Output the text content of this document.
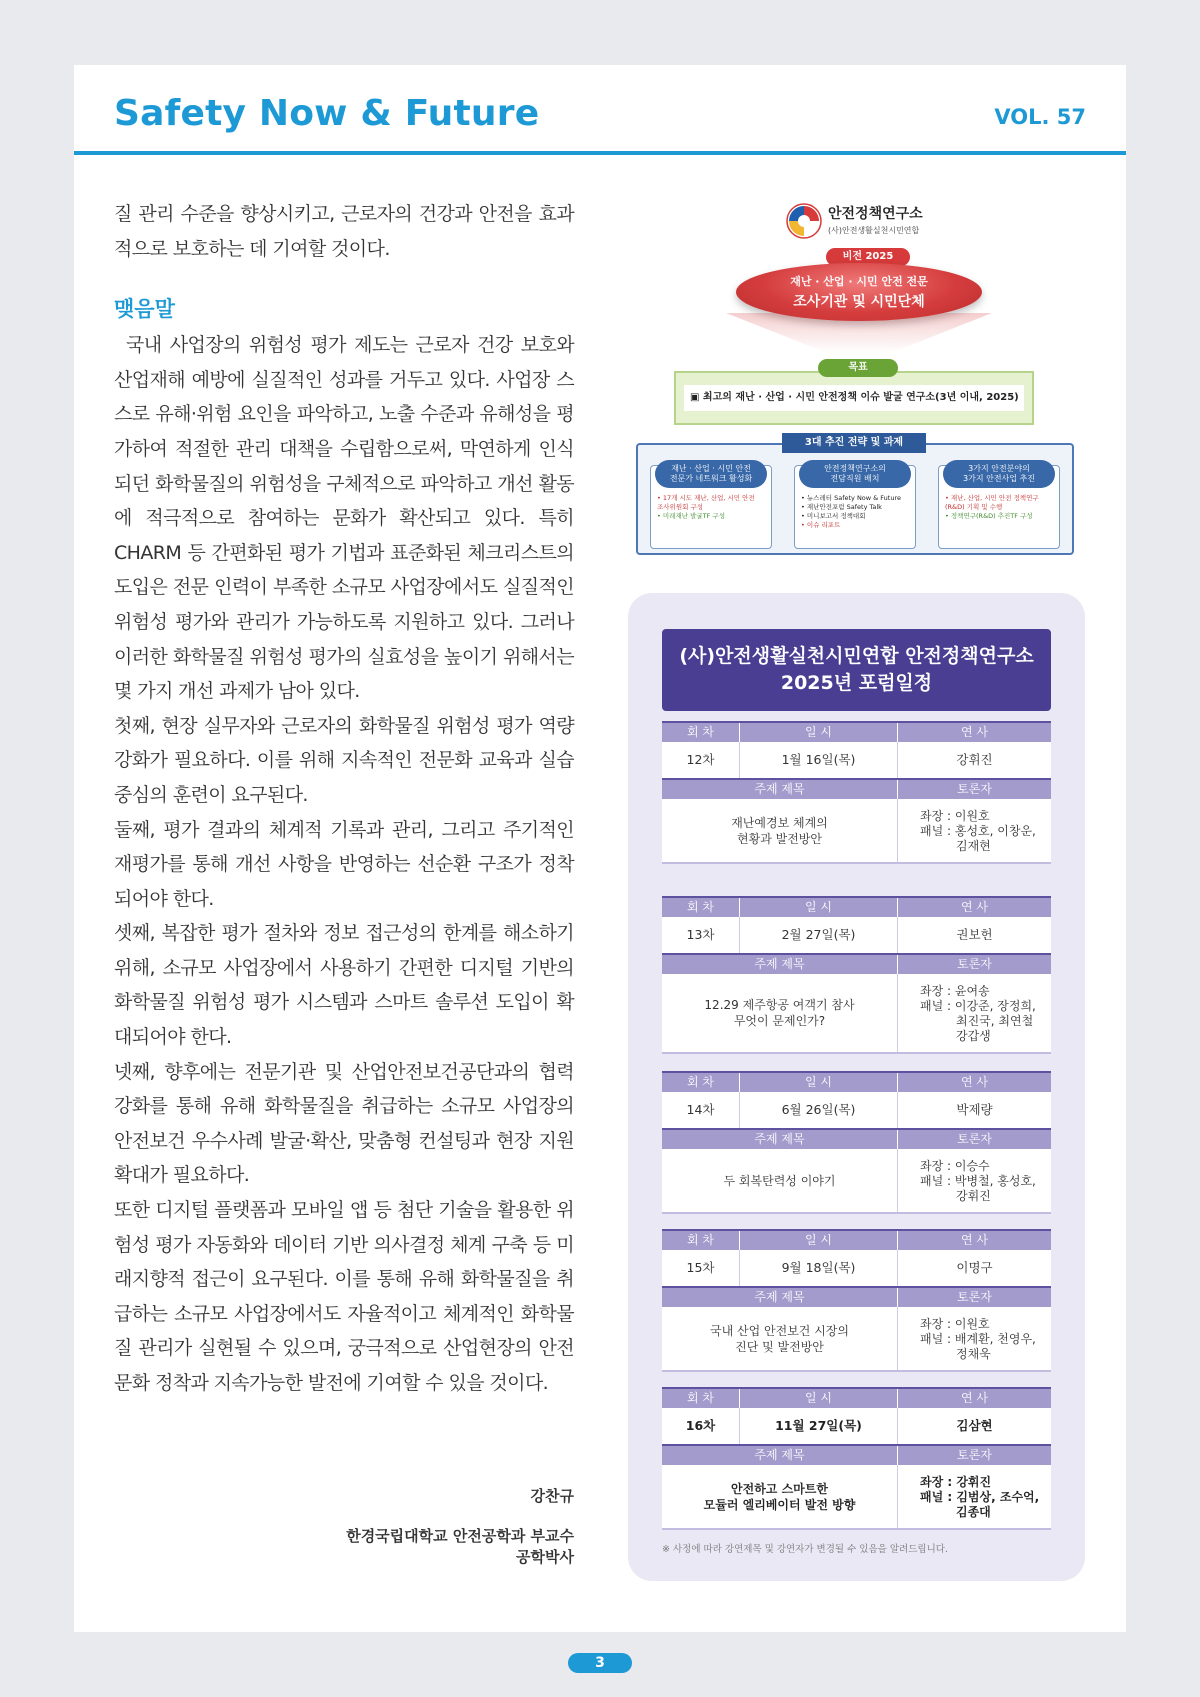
Safety Now & Future	VOL. 57

질 관리 수준을 향상시키고, 근로자의 건강과 안전을 효과적으로 보호하는 데 기여할 것이다.

맺음말

국내 사업장의 위험성 평가 제도는 근로자 건강 보호와 산업재해 예방에 실질적인 성과를 거두고 있다. 사업장 스스로 유해·위험 요인을 파악하고, 노출 수준과 유해성을 평가하여 적절한 관리 대책을 수립함으로써, 막연하게 인식되던 화학물질의 위험성을 구체적으로 파악하고 개선 활동에 적극적으로 참여하는 문화가 확산되고 있다. 특히 CHARM 등 간편화된 평가 기법과 표준화된 체크리스트의 도입은 전문 인력이 부족한 소규모 사업장에서도 실질적인 위험성 평가와 관리가 가능하도록 지원하고 있다. 그러나 이러한 화학물질 위험성 평가의 실효성을 높이기 위해서는 몇 가지 개선 과제가 남아 있다.

첫째, 현장 실무자와 근로자의 화학물질 위험성 평가 역량 강화가 필요하다. 이를 위해 지속적인 전문화 교육과 실습 중심의 훈련이 요구된다.

둘째, 평가 결과의 체계적 기록과 관리, 그리고 주기적인 재평가를 통해 개선 사항을 반영하는 선순환 구조가 정착되어야 한다.

셋째, 복잡한 평가 절차와 정보 접근성의 한계를 해소하기 위해, 소규모 사업장에서 사용하기 간편한 디지털 기반의 화학물질 위험성 평가 시스템과 스마트 솔루션 도입이 확대되어야 한다.

넷째, 향후에는 전문기관 및 산업안전보건공단과의 협력 강화를 통해 유해 화학물질을 취급하는 소규모 사업장의 안전보건 우수사례 발굴·확산, 맞춤형 컨설팅과 현장 지원 확대가 필요하다.

또한 디지털 플랫폼과 모바일 앱 등 첨단 기술을 활용한 위험성 평가 자동화와 데이터 기반 의사결정 체계 구축 등 미래지향적 접근이 요구된다. 이를 통해 유해 화학물질을 취급하는 소규모 사업장에서도 자율적이고 체계적인 화학물질 관리가 실현될 수 있으며, 궁극적으로 산업현장의 안전문화 정착과 지속가능한 발전에 기여할 수 있을 것이다.

강찬규
한경국립대학교 안전공학과 부교수
공학박사
안전정책연구소
(사)안전생활실천시민연합
비전 2025
재난 · 산업 · 시민 안전 전문
조사기관 및 시민단체
▣ 최고의 재난 · 산업 · 시민 안전정책 이슈 발굴 연구소(3년 이내, 2025)
목표
3대 추진 전략 및 과제
재난 · 산업 · 시민 안전
전문가 네트워크 활성화
• 17개 시도 재난, 산업, 시민 안전
조사위원회 구성
• 미래재난 발굴TF 구성
안전정책연구소의
전담직원 배치
• 뉴스레터 Safety Now & Future
• 재난안전포럼 Safety Talk
• 미니보고서 정책대회
• 이슈 리포트
3가지 안전분야의
3가지 안전사업 추진
• 재난, 산업, 시민 안전 정책연구
(R&D) 기획 및 수행
• 정책연구(R&D) 추진TF 구성
(사)안전생활실천시민연합 안전정책연구소
2025년 포럼일정
회 차	일 시	연 사
12차	1월 16일(목)	강휘진
주제 제목	토론자
재난예경보 체계의
현황과 발전방안
좌장 : 이원호
패널 : 홍성호, 이창운,
김재현
회 차	일 시	연 사
13차	2월 27일(목)	권보헌
주제 제목	토론자
12.29 제주항공 여객기 참사
무엇이 문제인가?
좌장 : 윤여송
패널 : 이강준, 장정희,
최진국, 최연철
강갑생
회 차	일 시	연 사
14차	6월 26일(목)	박제량
주제 제목	토론자
두 회복탄력성 이야기
좌장 : 이승수
패널 : 박병철, 홍성호,
강휘진
회 차	일 시	연 사
15차	9월 18일(목)	이명구
주제 제목	토론자
국내 산업 안전보건 시장의
진단 및 발전방안
좌장 : 이원호
패널 : 배계환, 천영우,
정채욱
회 차	일 시	연 사
16차	11월 27일(목)	김삼현
주제 제목	토론자
안전하고 스마트한
모듈러 엘리베이터 발전 방향
좌장 : 강휘진
패널 : 김범상, 조수억,
김종대
※ 사정에 따라 강연제목 및 강연자가 변경될 수 있음을 알려드립니다.
3
